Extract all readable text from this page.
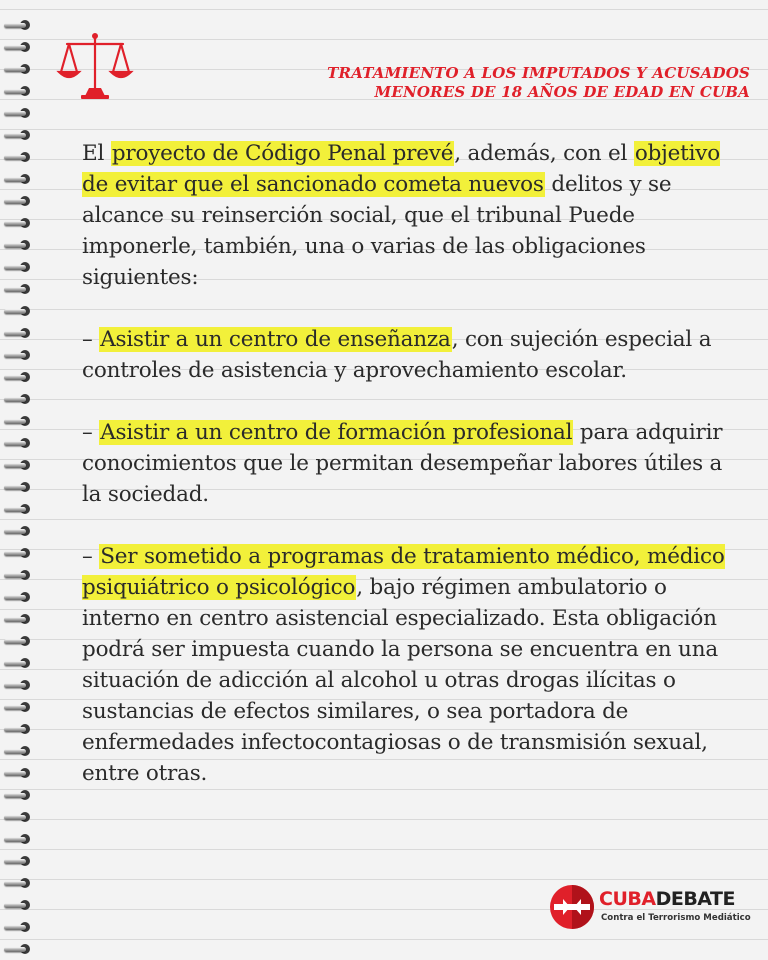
TRATAMIENTO A LOS IMPUTADOS Y ACUSADOS
MENORES DE 18 AÑOS DE EDAD EN CUBA

El proyecto de Código Penal prevé, además, con el objetivo de evitar que el sancionado cometa nuevos delitos y se alcance su reinserción social, que el tribunal Puede imponerle, también, una o varias de las obligaciones siguientes:

– Asistir a un centro de enseñanza, con sujeción especial a controles de asistencia y aprovechamiento escolar.

– Asistir a un centro de formación profesional para adquirir conocimientos que le permitan desempeñar labores útiles a la sociedad.

– Ser sometido a programas de tratamiento médico, médico psiquiátrico o psicológico, bajo régimen ambulatorio o interno en centro asistencial especializado. Esta obligación podrá ser impuesta cuando la persona se encuentra en una situación de adicción al alcohol u otras drogas ilícitas o sustancias de efectos similares, o sea portadora de enfermedades infectocontagiosas o de transmisión sexual, entre otras.

CUBADEBATE
Contra el Terrorismo Mediático
